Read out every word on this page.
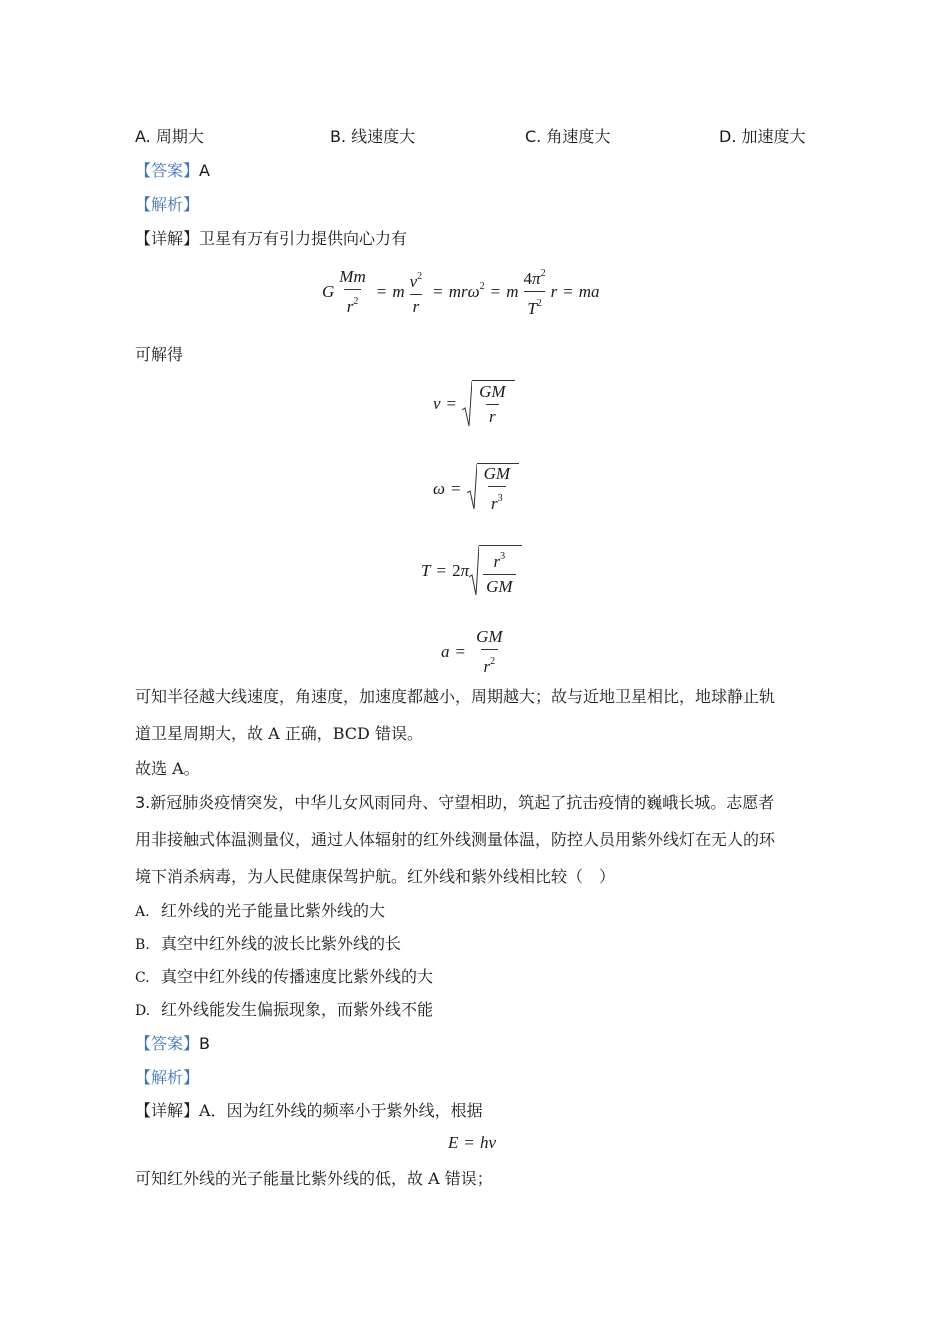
A. 周期大	B. 线速度大	C. 角速度大	D. 加速度大
【答案】A
【解析】
【详解】卫星有万有引力提供向心力有
G $\frac{Mm}{r^2} = m \frac{v^2}{r} = mr\omega^2 = m \frac{4\pi^2}{T^2}$ r = ma
可解得
$v = \frac{GM}{r}$
$\omega = \frac{GM}{r^3}$
T = 2 π $\frac{r^3}{GM}$
$a = \frac{GM}{r^2}$
可知半径越大线速度，角速度，加速度都越小，周期越大；故与近地卫星相比，地球静止轨
道卫星周期大，故 A 正确，BCD 错误。
故选 A。
3.新冠肺炎疫情突发，中华儿女风雨同舟、守望相助，筑起了抗击疫情的巍峨长城。志愿者
用非接触式体温测量仪，通过人体辐射的红外线测量体温，防控人员用紫外线灯在无人的环
境下消杀病毒，为人民健康保驾护航。红外线和紫外线相比较（　）
A. 红外线的光子能量比紫外线的大
B. 真空中红外线的波长比紫外线的长
C. 真空中红外线的传播速度比紫外线的大
D. 红外线能发生偏振现象，而紫外线不能
【答案】B
【解析】
【详解】A．因为红外线的频率小于紫外线，根据
E = hν
可知红外线的光子能量比紫外线的低，故 A 错误；
